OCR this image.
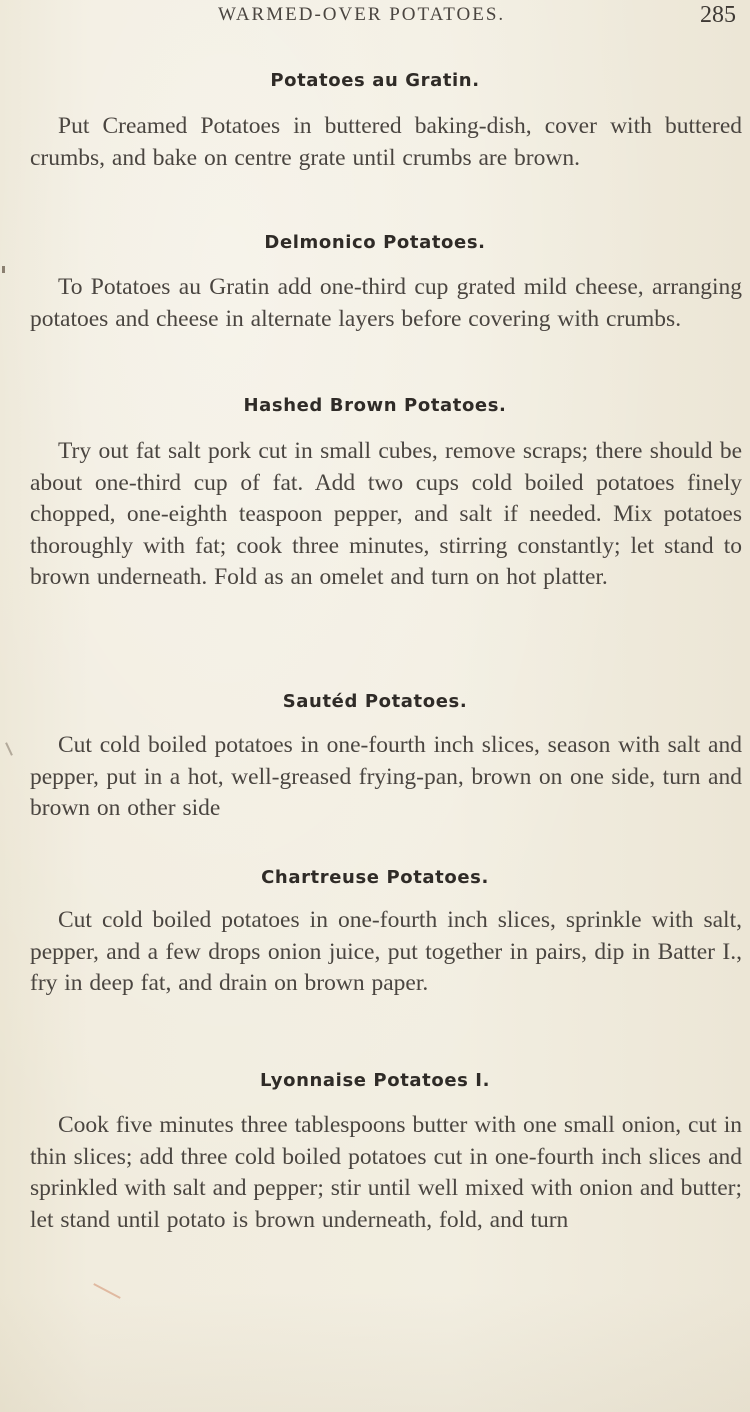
WARMED-OVER POTATOES.	285
Potatoes au Gratin.
Put Creamed Potatoes in buttered baking-dish, cover with buttered crumbs, and bake on centre grate until crumbs are brown.
Delmonico Potatoes.
To Potatoes au Gratin add one-third cup grated mild cheese, arranging potatoes and cheese in alternate layers before covering with crumbs.
Hashed Brown Potatoes.
Try out fat salt pork cut in small cubes, remove scraps; there should be about one-third cup of fat. Add two cups cold boiled potatoes finely chopped, one-eighth teaspoon pepper, and salt if needed. Mix potatoes thoroughly with fat; cook three minutes, stirring constantly; let stand to brown underneath. Fold as an omelet and turn on hot platter.
Sautéd Potatoes.
Cut cold boiled potatoes in one-fourth inch slices, season with salt and pepper, put in a hot, well-greased frying-pan, brown on one side, turn and brown on other side
Chartreuse Potatoes.
Cut cold boiled potatoes in one-fourth inch slices, sprinkle with salt, pepper, and a few drops onion juice, put together in pairs, dip in Batter I., fry in deep fat, and drain on brown paper.
Lyonnaise Potatoes I.
Cook five minutes three tablespoons butter with one small onion, cut in thin slices; add three cold boiled potatoes cut in one-fourth inch slices and sprinkled with salt and pepper; stir until well mixed with onion and butter; let stand until potato is brown underneath, fold, and turn
